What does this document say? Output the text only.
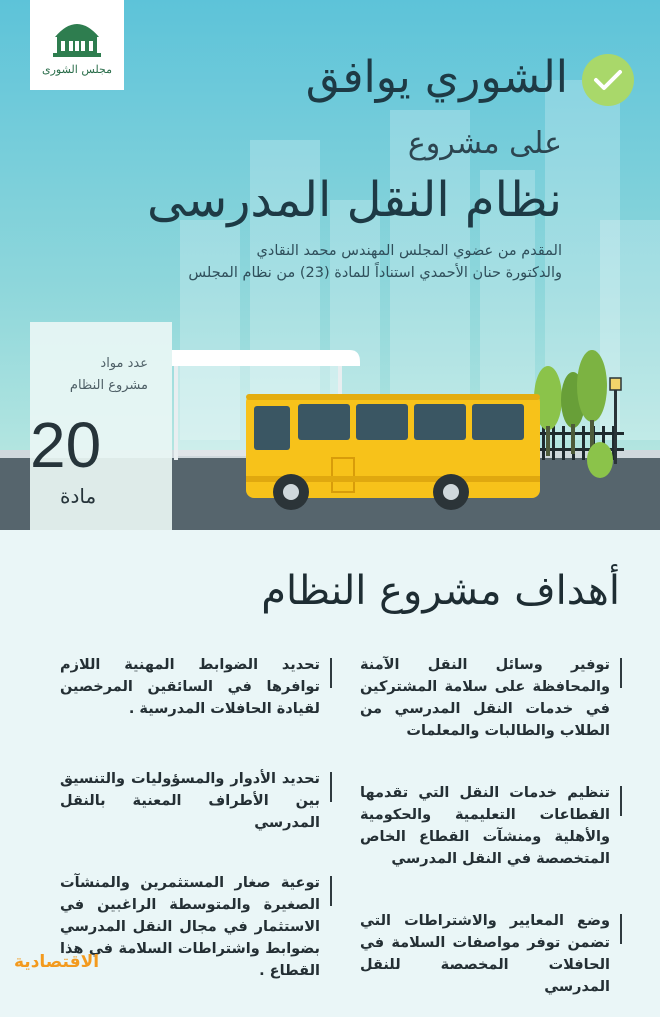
مجلس الشورى	الشوري يوافق
على مشروع
نظام النقل المدرسى
المقدم من عضوي المجلس المهندس محمد النقادي
والدكتورة حنان الأحمدي استناداً للمادة (23) من نظام المجلس
عدد مواد
مشروع النظام
20
مادة
أهداف مشروع النظام
توفير وسائل النقل الآمنة والمحافظة على سلامة المشتركين في خدمات النقل المدرسي من الطلاب والطالبات والمعلمات
تنظيم خدمات النقل التي تقدمها القطاعات التعليمية والحكومية والأهلية ومنشآت القطاع الخاص المتخصصة في النقل المدرسي
وضع المعايير والاشتراطات التي تضمن توفر مواصفات السلامة في الحافلات المخصصة للنقل المدرسي
تحديد الضوابط المهنية اللازم توافرها في السائقين المرخصين لقيادة الحافلات المدرسية .
تحديد الأدوار والمسؤوليات والتنسيق بين الأطراف المعنية بالنقل المدرسي
توعية صغار المستثمرين والمنشآت الصغيرة والمتوسطة الراغبين في الاستثمار في مجال النقل المدرسي بضوابط واشتراطات السلامة في هذا القطاع .
الاقتصادية
